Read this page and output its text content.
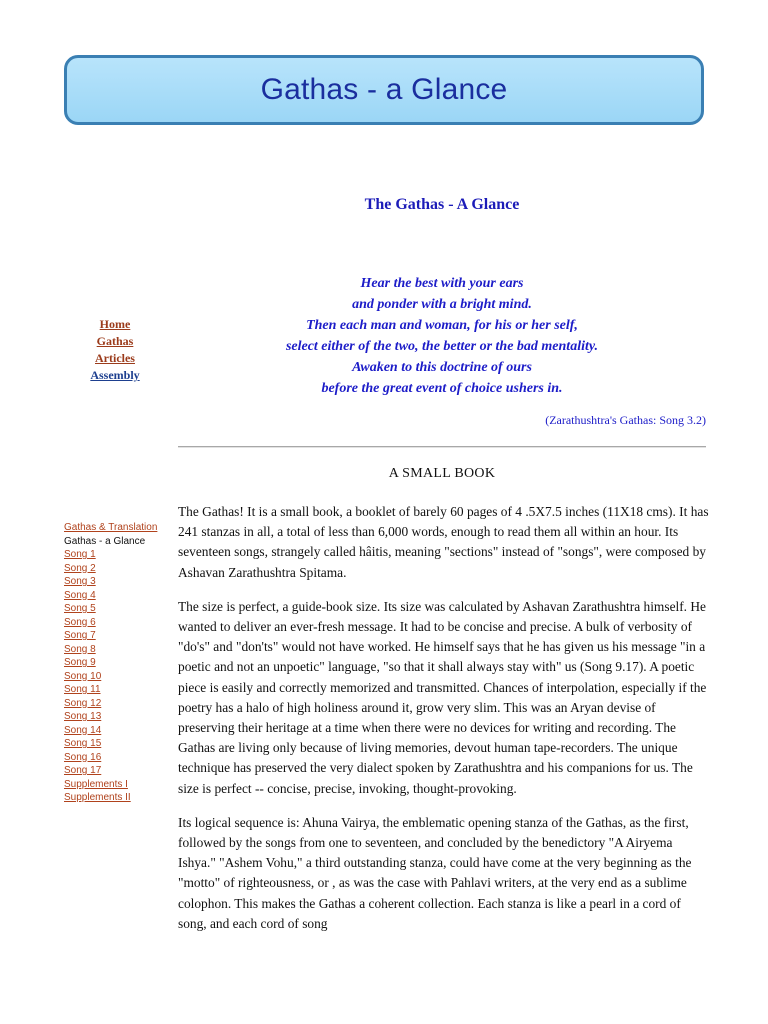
Gathas - a Glance
Home
Gathas
Articles
Assembly
Gathas & Translation
Gathas - a Glance
Song 1
Song 2
Song 3
Song 4
Song 5
Song 6
Song 7
Song 8
Song 9
Song 10
Song 11
Song 12
Song 13
Song 14
Song 15
Song 16
Song 17
Supplements I
Supplements II
The Gathas - A Glance
Hear the best with your ears
and ponder with a bright mind.
Then each man and woman, for his or her self,
select either of the two, the better or the bad mentality.
Awaken to this doctrine of ours
before the great event of choice ushers in.
(Zarathushtra's Gathas: Song 3.2)
A SMALL BOOK

The Gathas! It is a small book, a booklet of barely 60 pages of 4 .5X7.5 inches (11X18 cms). It has 241 stanzas in all, a total of less than 6,000 words, enough to read them all within an hour. Its seventeen songs, strangely called hâitis, meaning "sections" instead of "songs", were composed by Ashavan Zarathushtra Spitama.

The size is perfect, a guide-book size. Its size was calculated by Ashavan Zarathushtra himself. He wanted to deliver an ever-fresh message. It had to be concise and precise. A bulk of verbosity of "do's" and "don'ts" would not have worked. He himself says that he has given us his message "in a poetic and not an unpoetic" language, "so that it shall always stay with" us (Song 9.17). A poetic piece is easily and correctly memorized and transmitted. Chances of interpolation, especially if the poetry has a halo of high holiness around it, grow very slim. This was an Aryan devise of preserving their heritage at a time when there were no devices for writing and recording. The Gathas are living only because of living memories, devout human tape-recorders. The unique technique has preserved the very dialect spoken by Zarathushtra and his companions for us. The size is perfect -- concise, precise, invoking, thought-provoking.

Its logical sequence is: Ahuna Vairya, the emblematic opening stanza of the Gathas, as the first, followed by the songs from one to seventeen, and concluded by the benedictory "A Airyema Ishya." "Ashem Vohu," a third outstanding stanza, could have come at the very beginning as the "motto" of righteousness, or , as was the case with Pahlavi writers, at the very end as a sublime colophon. This makes the Gathas a coherent collection. Each stanza is like a pearl in a cord of song, and each cord of song
